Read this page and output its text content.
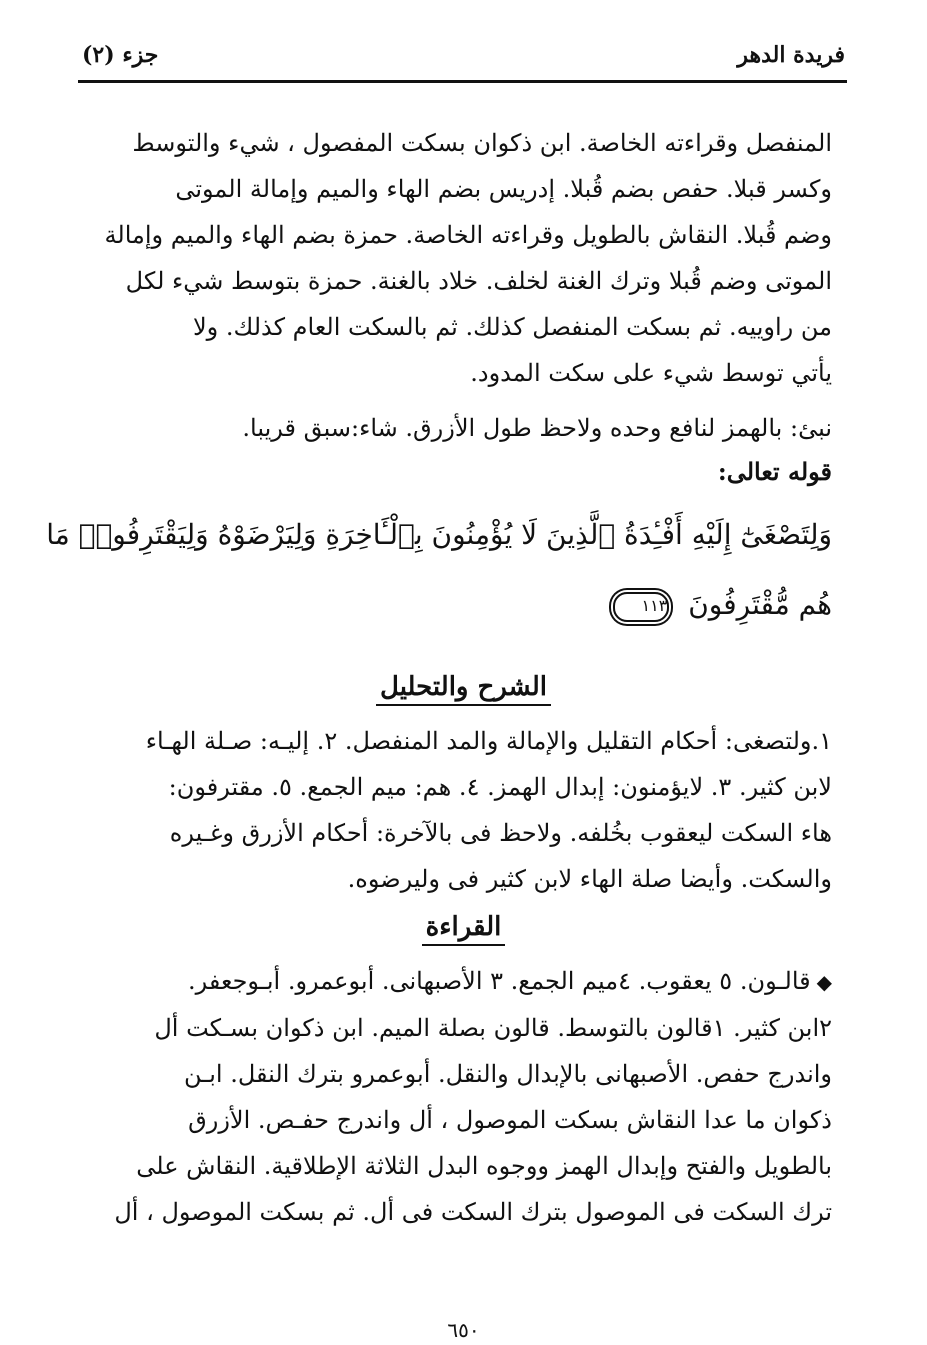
فريدة الدهر
جزء (٢)
المنفصل وقراءته الخاصة. ابن ذكوان بسكت المفصول ، شيء والتوسط
وكسر قبلا. حفص بضم قُبلا. إدريس بضم الهاء والميم وإمالة الموتى
وضم قُبلا. النقاش بالطويل وقراءته الخاصة. حمزة بضم الهاء والميم وإمالة
الموتى وضم قُبلا وترك الغنة لخلف. خلاد بالغنة. حمزة بتوسط شيء لكل
من راوييه. ثم بسكت المنفصل كذلك. ثم بالسكت العام كذلك. ولا
يأتي توسط شيء على سكت المدود.
نبئ: بالهمز لنافع وحده ولاحظ طول الأزرق. شاء:سبق قريبا.
قوله تعالى:
وَلِتَصْغَىٰٓ إِلَيْهِ أَفْـِٔدَةُ ٱلَّذِينَ لَا يُؤْمِنُونَ بِٱلْـَٔاخِرَةِ وَلِيَرْضَوْهُ وَلِيَقْتَرِفُوا۟ مَا
هُم مُّقْتَرِفُونَ ١١٣
الشرح والتحليل
١.ولتصغى: أحكام التقليل والإمالة والمد المنفصل. ٢. إليـه: صـلة الهـاء
لابن كثير. ٣. لايؤمنون: إبدال الهمز. ٤. هم: ميم الجمع. ٥. مقترفون:
هاء السكت ليعقوب بخُلفه. ولاحظ فى بالآخرة: أحكام الأزرق وغـيره
والسكت. وأيضا صلة الهاء لابن كثير فى وليرضوه.
القراءة
◆قالـون. ٥ يعقوب. ٤ميم الجمع. ٣ الأصبهانى. أبوعمرو. أبـوجعفر.
٢ابن كثير. ١قالون بالتوسط. قالون بصلة الميم. ابن ذكوان بسـكت أل
واندرج حفص. الأصبهانى بالإبدال والنقل. أبوعمرو بترك النقل. ابـن
ذكوان ما عدا النقاش بسكت الموصول ، أل واندرج حفـص. الأزرق
بالطويل والفتح وإبدال الهمز ووجوه البدل الثلاثة الإطلاقية. النقاش على
ترك السكت فى الموصول بترك السكت فى أل. ثم بسكت الموصول ، أل
٦٥٠
